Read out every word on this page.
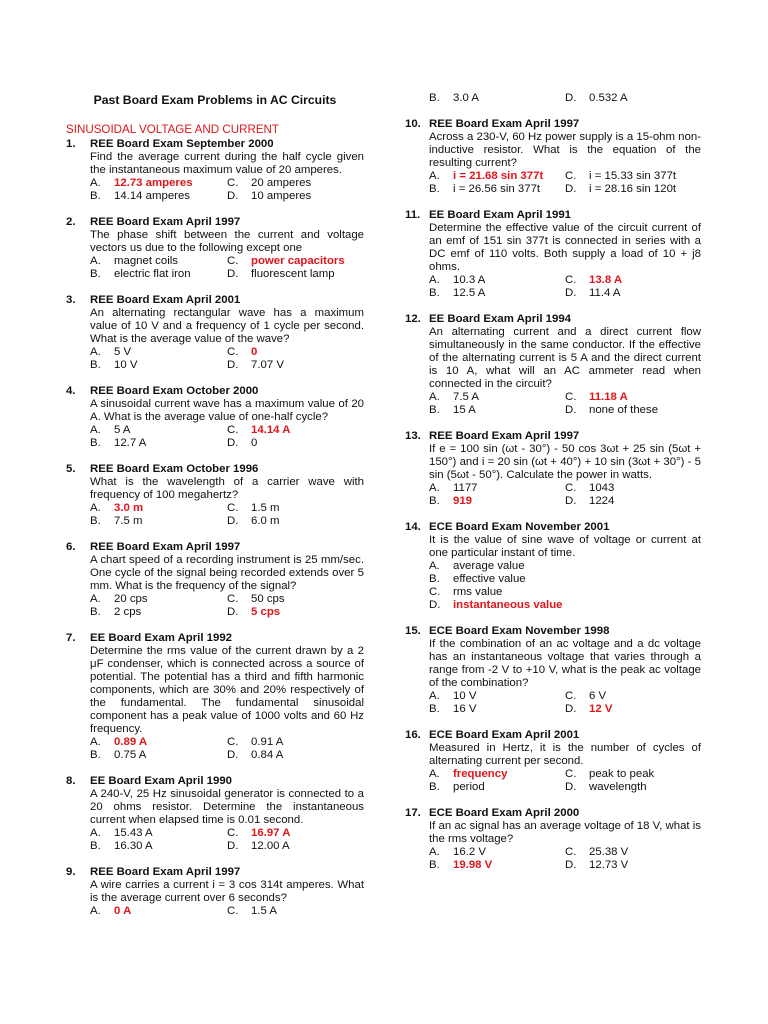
Past Board Exam Problems in AC Circuits
SINUSOIDAL VOLTAGE AND CURRENT
1.	REE Board Exam September 2000
Find the average current during the half cycle given the instantaneous maximum value of 20 amperes.
A.	12.73 amperes	C.	20 amperes
B.	14.14 amperes	D.	10 amperes
2.	REE Board Exam April 1997
The phase shift between the current and voltage vectors us due to the following except one
A.	magnet coils	C.	power capacitors
B.	electric flat iron	D.	fluorescent lamp
3.	REE Board Exam April 2001
An alternating rectangular wave has a maximum value of 10 V and a frequency of 1 cycle per second. What is the average value of the wave?
A.	5 V	C.	0
B.	10 V	D.	7.07 V
4.	REE Board Exam October 2000
A sinusoidal current wave has a maximum value of 20 A. What is the average value of one-half cycle?
A.	5 A	C.	14.14 A
B.	12.7 A	D.	0
5.	REE Board Exam October 1996
What is the wavelength of a carrier wave with frequency of 100 megahertz?
A.	3.0 m	C.	1.5 m
B.	7.5 m	D.	6.0 m
6.	REE Board Exam April 1997
A chart speed of a recording instrument is 25 mm/sec. One cycle of the signal being recorded extends over 5 mm. What is the frequency of the signal?
A.	20 cps	C.	50 cps
B.	2 cps	D.	5 cps
7.	EE Board Exam April 1992
Determine the rms value of the current drawn by a 2 μF condenser, which is connected across a source of potential. The potential has a third and fifth harmonic components, which are 30% and 20% respectively of the fundamental. The fundamental sinusoidal component has a peak value of 1000 volts and 60 Hz frequency.
A.	0.89 A	C.	0.91 A
B.	0.75 A	D.	0.84 A
8.	EE Board Exam April 1990
A 240-V, 25 Hz sinusoidal generator is connected to a 20 ohms resistor. Determine the instantaneous current when elapsed time is 0.01 second.
A.	15.43 A	C.	16.97 A
B.	16.30 A	D.	12.00 A
9.	REE Board Exam April 1997
A wire carries a current i = 3 cos 314t amperes. What is the average current over 6 seconds?
A.	0 A	C.	1.5 A
B.	3.0 A	D.	0.532 A
10. REE Board Exam April 1997
Across a 230-V, 60 Hz power supply is a 15-ohm non-inductive resistor. What is the equation of the resulting current?
A.	i = 21.68 sin 377t C.	i = 15.33 sin 377t
B.	i = 26.56 sin 377t D.	i = 28.16 sin 120t
11. EE Board Exam April 1991
Determine the effective value of the circuit current of an emf of 151 sin 377t is connected in series with a DC emf of 110 volts. Both supply a load of 10 + j8 ohms.
A.	10.3 A	C.	13.8 A
B.	12.5 A	D.	11.4 A
12. EE Board Exam April 1994
An alternating current and a direct current flow simultaneously in the same conductor. If the effective of the alternating current is 5 A and the direct current is 10 A, what will an AC ammeter read when connected in the circuit?
A.	7.5 A	C.	11.18 A
B.	15 A	D.	none of these
13. REE Board Exam April 1997
If e = 100 sin (ωt - 30°) - 50 cos 3ωt + 25 sin (5ωt + 150°) and i = 20 sin (ωt + 40°) + 10 sin (3ωt + 30°) - 5 sin (5ωt - 50°). Calculate the power in watts.
A.	1177	C.	1043
B.	919	D.	1224
14. ECE Board Exam November 2001
It is the value of sine wave of voltage or current at one particular instant of time.
A.	average value
B.	effective value
C.	rms value
D.	instantaneous value
15. ECE Board Exam November 1998
If the combination of an ac voltage and a dc voltage has an instantaneous voltage that varies through a range from -2 V to +10 V, what is the peak ac voltage of the combination?
A.	10 V	C.	6 V
B.	16 V	D.	12 V
16. ECE Board Exam April 2001
Measured in Hertz, it is the number of cycles of alternating current per second.
A.	frequency	C.	peak to peak
B.	period	D.	wavelength
17. ECE Board Exam April 2000
If an ac signal has an average voltage of 18 V, what is the rms voltage?
A.	16.2 V	C.	25.38 V
B.	19.98 V	D.	12.73 V
